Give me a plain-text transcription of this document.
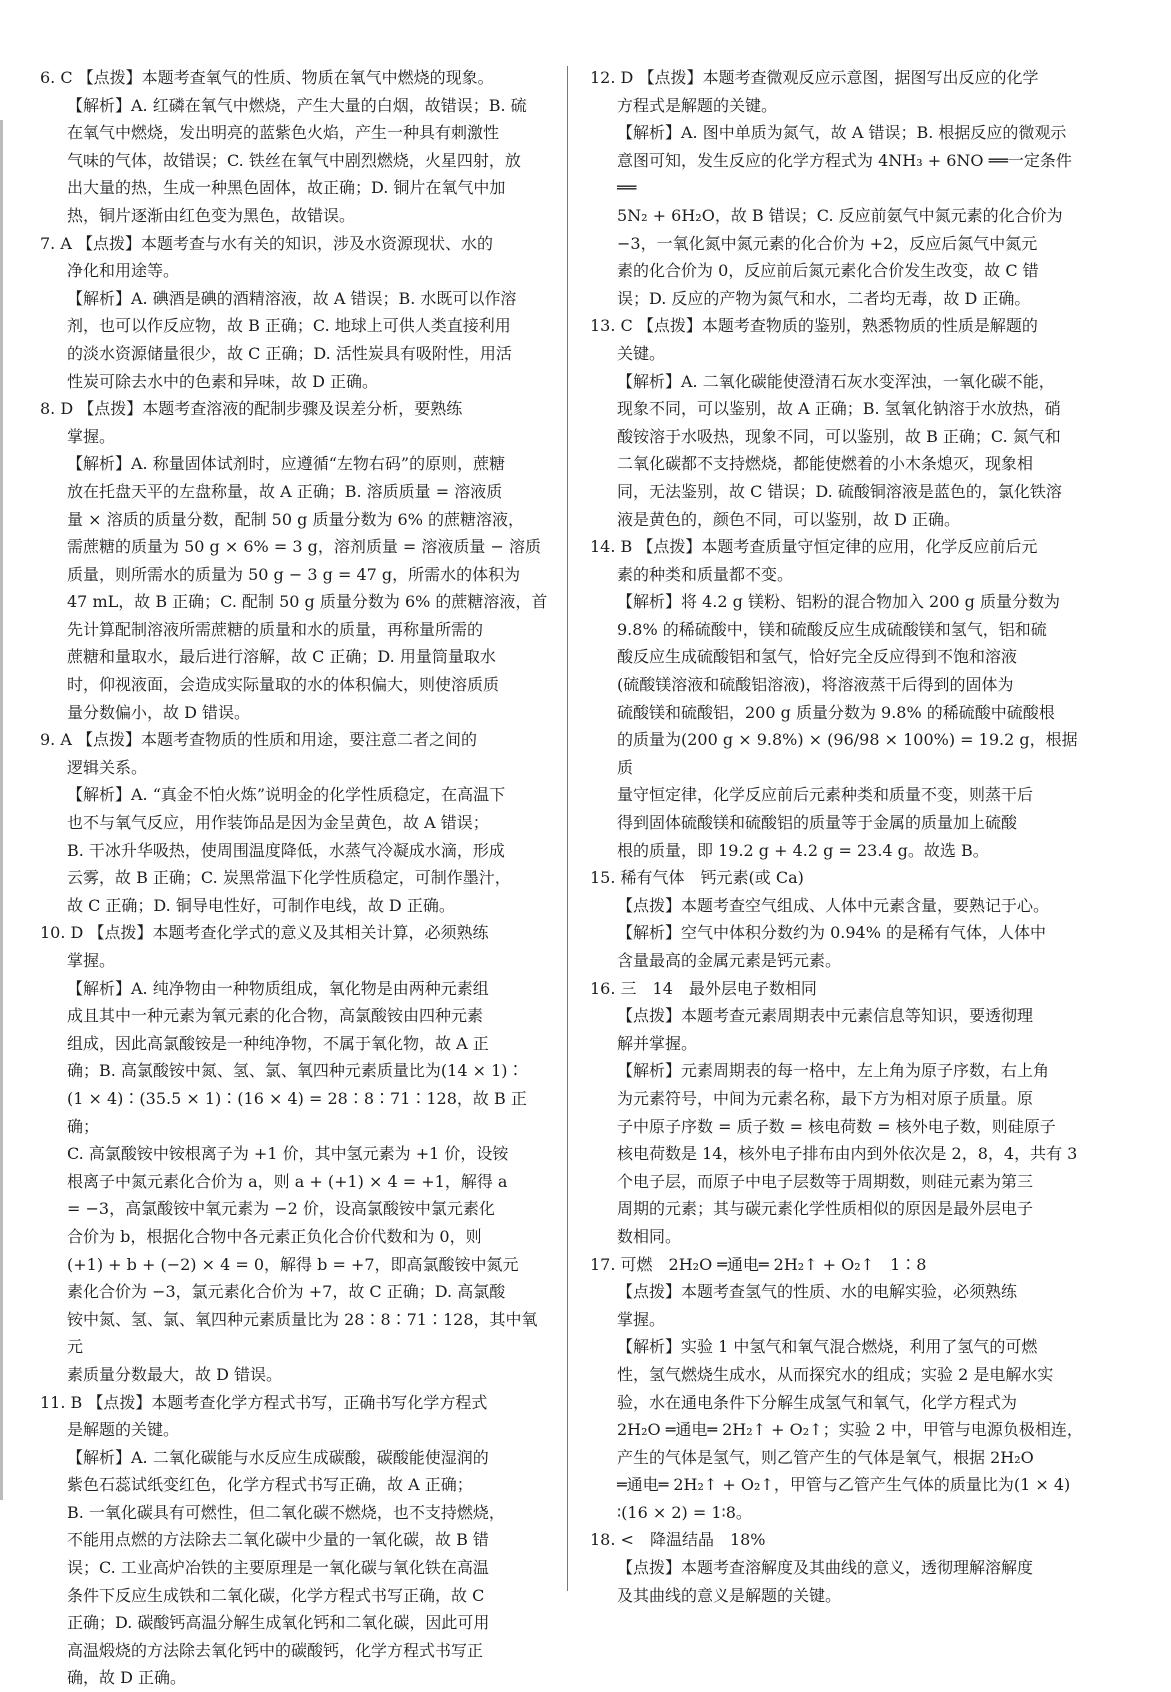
6. C 【点拨】本题考查氧气的性质、物质在氧气中燃烧的现象。
【解析】A. 红磷在氧气中燃烧，产生大量的白烟，故错误；B. 硫
在氧气中燃烧，发出明亮的蓝紫色火焰，产生一种具有刺激性
气味的气体，故错误；C. 铁丝在氧气中剧烈燃烧，火星四射，放
出大量的热，生成一种黑色固体，故正确；D. 铜片在氧气中加
热，铜片逐渐由红色变为黑色，故错误。
7. A 【点拨】本题考查与水有关的知识，涉及水资源现状、水的
净化和用途等。
【解析】A. 碘酒是碘的酒精溶液，故 A 错误；B. 水既可以作溶
剂，也可以作反应物，故 B 正确；C. 地球上可供人类直接利用
的淡水资源储量很少，故 C 正确；D. 活性炭具有吸附性，用活
性炭可除去水中的色素和异味，故 D 正确。
8. D 【点拨】本题考查溶液的配制步骤及误差分析，要熟练
掌握。
【解析】A. 称量固体试剂时，应遵循“左物右码”的原则，蔗糖
放在托盘天平的左盘称量，故 A 正确；B. 溶质质量 = 溶液质
量 × 溶质的质量分数，配制 50 g 质量分数为 6% 的蔗糖溶液，
需蔗糖的质量为 50 g × 6% = 3 g，溶剂质量 = 溶液质量 − 溶质
质量，则所需水的质量为 50 g − 3 g = 47 g，所需水的体积为
47 mL，故 B 正确；C. 配制 50 g 质量分数为 6% 的蔗糖溶液，首
先计算配制溶液所需蔗糖的质量和水的质量，再称量所需的
蔗糖和量取水，最后进行溶解，故 C 正确；D. 用量筒量取水
时，仰视液面，会造成实际量取的水的体积偏大，则使溶质质
量分数偏小，故 D 错误。
9. A 【点拨】本题考查物质的性质和用途，要注意二者之间的
逻辑关系。
【解析】A. “真金不怕火炼”说明金的化学性质稳定，在高温下
也不与氧气反应，用作装饰品是因为金呈黄色，故 A 错误；
B. 干冰升华吸热，使周围温度降低，水蒸气冷凝成水滴，形成
云雾，故 B 正确；C. 炭黑常温下化学性质稳定，可制作墨汁，
故 C 正确；D. 铜导电性好，可制作电线，故 D 正确。
10. D 【点拨】本题考查化学式的意义及其相关计算，必须熟练
掌握。
【解析】A. 纯净物由一种物质组成，氧化物是由两种元素组
成且其中一种元素为氧元素的化合物，高氯酸铵由四种元素
组成，因此高氯酸铵是一种纯净物，不属于氧化物，故 A 正
确；B. 高氯酸铵中氮、氢、氯、氧四种元素质量比为(14 × 1)∶
(1 × 4)∶(35.5 × 1)∶(16 × 4) = 28∶8∶71∶128，故 B 正确；
C. 高氯酸铵中铵根离子为 +1 价，其中氢元素为 +1 价，设铵
根离子中氮元素化合价为 a，则 a + (+1) × 4 = +1，解得 a
= −3，高氯酸铵中氧元素为 −2 价，设高氯酸铵中氯元素化
合价为 b，根据化合物中各元素正负化合价代数和为 0，则
(+1) + b + (−2) × 4 = 0，解得 b = +7，即高氯酸铵中氮元
素化合价为 −3，氯元素化合价为 +7，故 C 正确；D. 高氯酸
铵中氮、氢、氯、氧四种元素质量比为 28∶8∶71∶128，其中氧元
素质量分数最大，故 D 错误。
11. B 【点拨】本题考查化学方程式书写，正确书写化学方程式
是解题的关键。
【解析】A. 二氧化碳能与水反应生成碳酸，碳酸能使湿润的
紫色石蕊试纸变红色，化学方程式书写正确，故 A 正确；
B. 一氧化碳具有可燃性，但二氧化碳不燃烧，也不支持燃烧，
不能用点燃的方法除去二氧化碳中少量的一氧化碳，故 B 错
误；C. 工业高炉冶铁的主要原理是一氧化碳与氧化铁在高温
条件下反应生成铁和二氧化碳，化学方程式书写正确，故 C
正确；D. 碳酸钙高温分解生成氧化钙和二氧化碳，因此可用
高温煅烧的方法除去氧化钙中的碳酸钙，化学方程式书写正
确，故 D 正确。
12. D 【点拨】本题考查微观反应示意图，据图写出反应的化学
方程式是解题的关键。
【解析】A. 图中单质为氮气，故 A 错误；B. 根据反应的微观示
意图可知，发生反应的化学方程式为 4NH₃ + 6NO ══一定条件══
5N₂ + 6H₂O，故 B 错误；C. 反应前氨气中氮元素的化合价为
−3，一氧化氮中氮元素的化合价为 +2，反应后氮气中氮元
素的化合价为 0，反应前后氮元素化合价发生改变，故 C 错
误；D. 反应的产物为氮气和水，二者均无毒，故 D 正确。
13. C 【点拨】本题考查物质的鉴别，熟悉物质的性质是解题的
关键。
【解析】A. 二氧化碳能使澄清石灰水变浑浊，一氧化碳不能，
现象不同，可以鉴别，故 A 正确；B. 氢氧化钠溶于水放热，硝
酸铵溶于水吸热，现象不同，可以鉴别，故 B 正确；C. 氮气和
二氧化碳都不支持燃烧，都能使燃着的小木条熄灭，现象相
同，无法鉴别，故 C 错误；D. 硫酸铜溶液是蓝色的，氯化铁溶
液是黄色的，颜色不同，可以鉴别，故 D 正确。
14. B 【点拨】本题考查质量守恒定律的应用，化学反应前后元
素的种类和质量都不变。
【解析】将 4.2 g 镁粉、铝粉的混合物加入 200 g 质量分数为
9.8% 的稀硫酸中，镁和硫酸反应生成硫酸镁和氢气，铝和硫
酸反应生成硫酸铝和氢气，恰好完全反应得到不饱和溶液
(硫酸镁溶液和硫酸铝溶液)，将溶液蒸干后得到的固体为
硫酸镁和硫酸铝，200 g 质量分数为 9.8% 的稀硫酸中硫酸根
的质量为(200 g × 9.8%) × (96/98 × 100%) = 19.2 g，根据质
量守恒定律，化学反应前后元素种类和质量不变，则蒸干后
得到固体硫酸镁和硫酸铝的质量等于金属的质量加上硫酸
根的质量，即 19.2 g + 4.2 g = 23.4 g。故选 B。
15. 稀有气体　钙元素(或 Ca)
【点拨】本题考查空气组成、人体中元素含量，要熟记于心。
【解析】空气中体积分数约为 0.94% 的是稀有气体，人体中
含量最高的金属元素是钙元素。
16. 三　14　最外层电子数相同
【点拨】本题考查元素周期表中元素信息等知识，要透彻理
解并掌握。
【解析】元素周期表的每一格中，左上角为原子序数，右上角
为元素符号，中间为元素名称，最下方为相对原子质量。原
子中原子序数 = 质子数 = 核电荷数 = 核外电子数，则硅原子
核电荷数是 14，核外电子排布由内到外依次是 2，8，4，共有 3
个电子层，而原子中电子层数等于周期数，则硅元素为第三
周期的元素；其与碳元素化学性质相似的原因是最外层电子
数相同。
17. 可燃　2H₂O ═通电═ 2H₂↑ + O₂↑　1∶8
【点拨】本题考查氢气的性质、水的电解实验，必须熟练
掌握。
【解析】实验 1 中氢气和氧气混合燃烧，利用了氢气的可燃
性，氢气燃烧生成水，从而探究水的组成；实验 2 是电解水实
验，水在通电条件下分解生成氢气和氧气，化学方程式为
2H₂O ═通电═ 2H₂↑ + O₂↑；实验 2 中，甲管与电源负极相连，
产生的气体是氢气，则乙管产生的气体是氧气，根据 2H₂O
═通电═ 2H₂↑ + O₂↑，甲管与乙管产生气体的质量比为(1 × 4)
∶(16 × 2) = 1∶8。
18. <　降温结晶　18%
【点拨】本题考查溶解度及其曲线的意义，透彻理解溶解度
及其曲线的意义是解题的关键。
